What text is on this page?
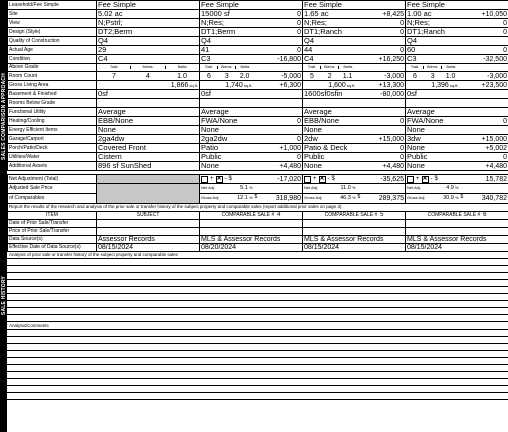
SALES COMPARISON APPROACH
SALE HISTORY
Leasehold/Fee Simple	Fee Simple	Fee Simple		Fee Simple		Fee Simple	
Site	5.02 ac	15000 sf	0	1.65 ac	+8,425	1.00 ac	+10,050
View	N;Pstrl;	N;Res;	0	N;Res;	0	N;Res;	0
Design (Style)	DT2;Berm	DT1;Berm	0	DT1;Ranch	0	DT1;Ranch	0
Quality of Construction	Q4	Q4		Q4		Q4	
Actual Age	29	41	0	44	0	60	0
Condition	C4	C3	-16,800	C4	+16,250	C3	-32,500
Above Grade	Total Bdrms. Baths	Total Bdrms. Baths		Total Bdrms. Baths		Total Bdrms. Baths	

Room Count	7 4 1.0	6 3 2.0	-5,000	5 2 1.1	-3,000	6 3 1.0	-3,000
Gross Living Area	1,866 sq.ft.	1,740 sq.ft.	+6,300	1,600 sq.ft.	+13,300	1,396 sq.ft.	+23,500
Basement & Finished	0sf	0sf		1600sf0sfin	-80,000	0sf	
Rooms Below Grade							
Functional Utility	Average	Average		Average		Average	
Heating/Cooling	EBB/None	FWA/None	0	EBB/None	0	FWA/None	0
Energy Efficient Items	None	None		None		None	
Garage/Carport	2ga4dw	2ga2dw	0	2dw	+15,000	3dw	+15,000
Porch/Patio/Deck	Covered Front	Patio	+1,000	Patio & Deck	0	None	+5,002
Utilities/Water	Cistern	Public	0	Public	0	Public	0
Additional Assets	896 sf SunShed	None	+4,480	None	+4,480	None	+4,480

Net Adjustment (Total)		+ ✕ - $	-17,020	+ ✕ - $	-35,625	+ ✕ - $	15,782
Adjusted Sale Price		Net Adj. 5.1 %		Net Adj. 11.0 %		Net Adj. 4.9 %	

of Comparables		Gross Adj. 12.1 %	$ 318,980	Gross Adj. 46.3 %	$ 289,375	Gross Adj. 30.9 %	$ 340,782
Report the results of the research and analysis of the prior sale or transfer history of the subject property and comparable sales (report additional prior sales on page 3).				
ITEM	SUBJECT	COMPARABLE SALE # 4	COMPARABLE SALE # 5	COMPARABLE SALE # 6
Date of Prior Sale/Transfer				
Price of Prior Sale/Transfer				
Data Source(s)	Assessor Records	MLS & Assessor Records	MLS & Assessor Records	MLS & Assessor Records
Effective Date of Data Source(s)	08/15/2024	08/20/2024	08/15/2024	08/15/2024
Analysis of prior sale or transfer history of the subject property and comparable sales
Analysis/Comments
